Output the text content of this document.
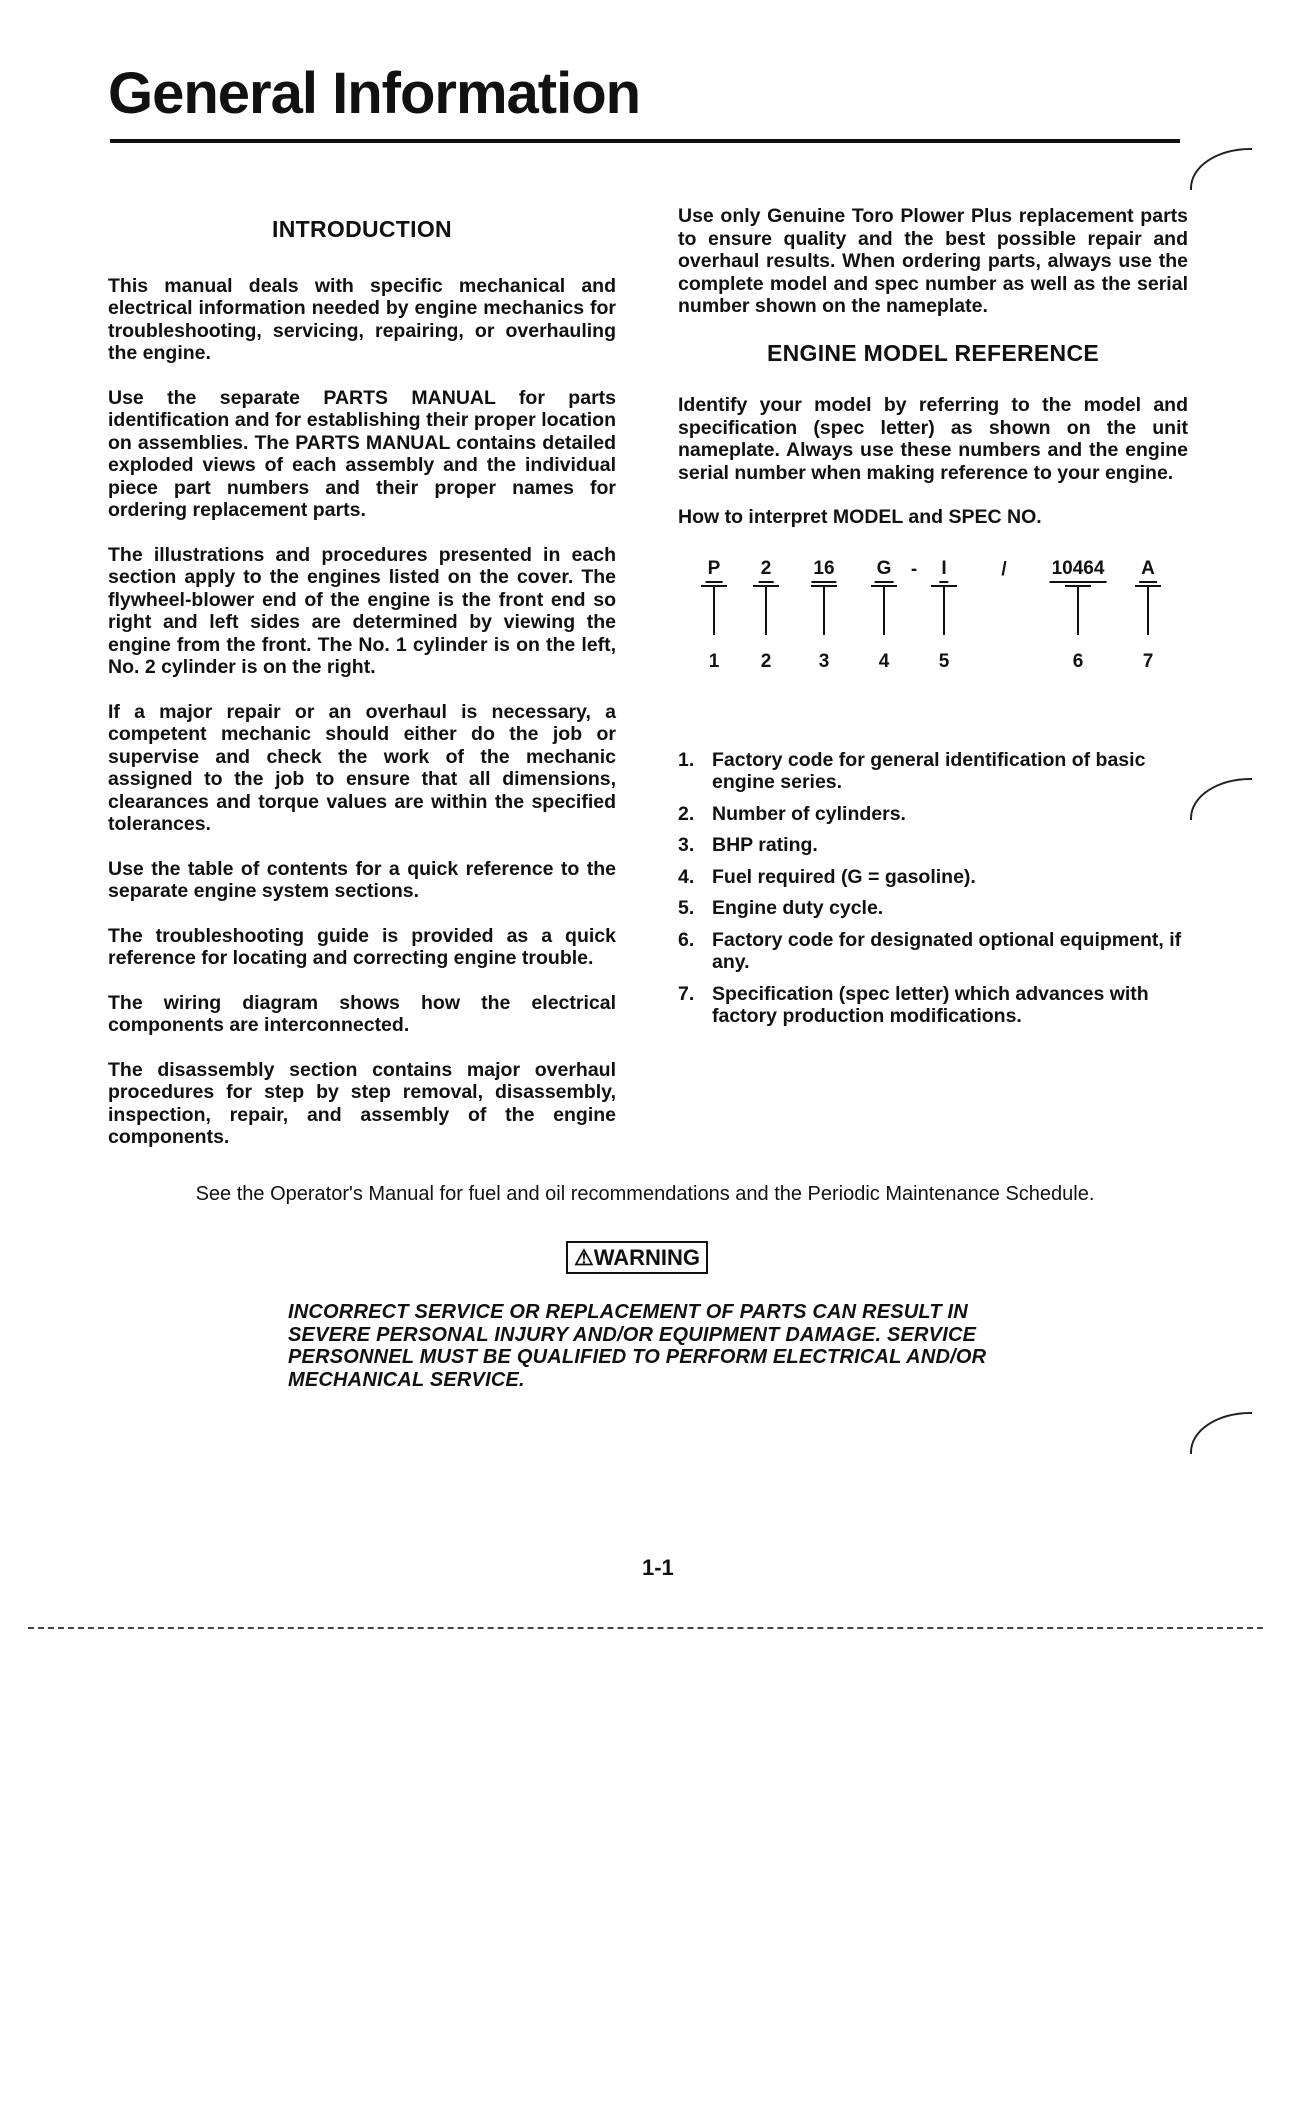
General Information
INTRODUCTION

This manual deals with specific mechanical and electrical information needed by engine mechanics for troubleshooting, servicing, repairing, or overhauling the engine.

Use the separate PARTS MANUAL for parts identification and for establishing their proper location on assemblies. The PARTS MANUAL contains detailed exploded views of each assembly and the individual piece part numbers and their proper names for ordering replacement parts.

The illustrations and procedures presented in each section apply to the engines listed on the cover. The flywheel-blower end of the engine is the front end so right and left sides are determined by viewing the engine from the front. The No. 1 cylinder is on the left, No. 2 cylinder is on the right.

If a major repair or an overhaul is necessary, a competent mechanic should either do the job or supervise and check the work of the mechanic assigned to the job to ensure that all dimensions, clearances and torque values are within the specified tolerances.

Use the table of contents for a quick reference to the separate engine system sections.

The troubleshooting guide is provided as a quick reference for locating and correcting engine trouble.

The wiring diagram shows how the electrical components are interconnected.

The disassembly section contains major overhaul procedures for step by step removal, disassembly, inspection, repair, and assembly of the engine components.

Use only Genuine Toro Plower Plus replacement parts to ensure quality and the best possible repair and overhaul results. When ordering parts, always use the complete model and spec number as well as the serial number shown on the nameplate.

ENGINE MODEL REFERENCE

Identify your model by referring to the model and specification (spec letter) as shown on the unit nameplate. Always use these numbers and the engine serial number when making reference to your engine.

How to interpret MODEL and SPEC NO.

P 2 16 G - I	/ 10464 A
1 2 3	4	5	6	7
1. Factory code for general identification of basic engine series.
2. Number of cylinders.
3. BHP rating.
4. Fuel required (G = gasoline).
5. Engine duty cycle.
6. Factory code for designated optional equipment, if any.
7. Specification (spec letter) which advances with factory production modifications.
See the Operator's Manual for fuel and oil recommendations and the Periodic Maintenance Schedule.
⚠WARNING
INCORRECT SERVICE OR REPLACEMENT OF PARTS CAN RESULT IN SEVERE PERSONAL INJURY AND/OR EQUIPMENT DAMAGE. SERVICE PERSONNEL MUST BE QUALIFIED TO PERFORM ELECTRICAL AND/OR MECHANICAL SERVICE.
1-1
